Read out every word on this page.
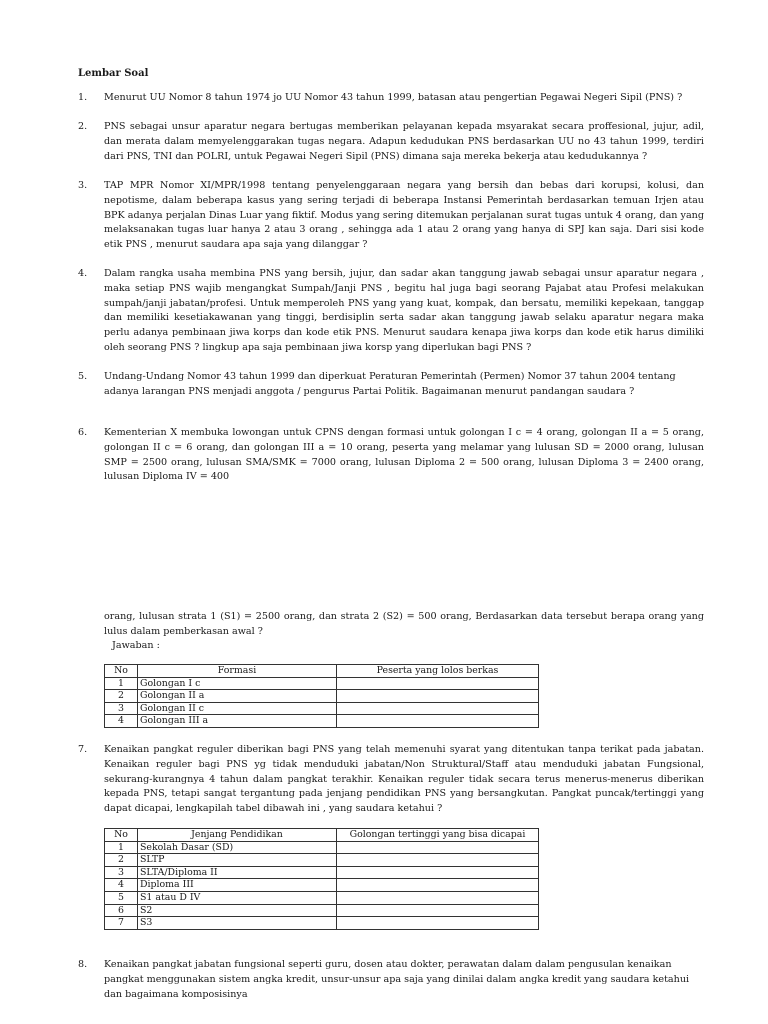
Lembar Soal
1.	Menurut UU Nomor 8 tahun 1974 jo UU Nomor 43 tahun 1999, batasan atau pengertian Pegawai Negeri Sipil (PNS) ?
2.	PNS sebagai unsur aparatur negara bertugas memberikan pelayanan kepada msyarakat secara proffesional, jujur, adil, dan merata dalam memyelenggarakan tugas negara. Adapun kedudukan PNS berdasarkan UU no 43 tahun 1999, terdiri dari PNS, TNI dan POLRI, untuk Pegawai Negeri Sipil (PNS) dimana saja mereka bekerja atau kedudukannya ?
3.	TAP MPR Nomor XI/MPR/1998 tentang penyelenggaraan negara yang bersih dan bebas dari korupsi, kolusi, dan nepotisme, dalam beberapa kasus yang sering terjadi di beberapa Instansi Pemerintah berdasarkan temuan Irjen atau BPK adanya perjalan Dinas Luar yang fiktif. Modus yang sering ditemukan perjalanan surat tugas untuk 4 orang, dan yang melaksanakan tugas luar hanya 2 atau 3 orang , sehingga ada 1 atau 2 orang yang hanya di SPJ kan saja. Dari sisi kode etik PNS , menurut saudara apa saja yang dilanggar ?
4.	Dalam rangka usaha membina PNS yang bersih, jujur, dan sadar akan tanggung jawab sebagai unsur aparatur negara , maka setiap PNS wajib mengangkat Sumpah/Janji PNS , begitu hal juga bagi seorang Pajabat atau Profesi melakukan sumpah/janji jabatan/profesi. Untuk memperoleh PNS yang yang kuat, kompak, dan bersatu, memiliki kepekaan, tanggap dan memiliki kesetiakawanan yang tinggi, berdisiplin serta sadar akan tanggung jawab selaku aparatur negara maka perlu adanya pembinaan jiwa korps dan kode etik PNS. Menurut saudara kenapa jiwa korps dan kode etik harus dimiliki oleh seorang PNS ? lingkup apa saja pembinaan jiwa korsp yang diperlukan bagi PNS ?
5.	Undang-Undang Nomor 43 tahun 1999 dan diperkuat Peraturan Pemerintah (Permen) Nomor 37 tahun 2004 tentang adanya larangan PNS menjadi anggota / pengurus Partai Politik. Bagaimanan menurut pandangan saudara ?
6.	Kementerian X membuka lowongan untuk CPNS dengan formasi untuk golongan I c = 4 orang, golongan II a = 5 orang, golongan II c = 6 orang, dan golongan III a = 10 orang, peserta yang melamar yang lulusan SD = 2000 orang, lulusan SMP = 2500 orang, lulusan SMA/SMK = 7000 orang, lulusan Diploma 2 = 500 orang, lulusan Diploma 3 = 2400 orang, lulusan Diploma IV = 400
orang, lulusan strata 1 (S1) = 2500 orang, dan strata 2 (S2) = 500 orang, Berdasarkan data tersebut berapa orang yang lulus dalam pemberkasan awal ?
Jawaban :
No	Formasi	Peserta yang lolos berkas
1	Golongan I c	
2	Golongan II a	
3	Golongan II c	
4	Golongan III a	
7.	Kenaikan pangkat reguler diberikan bagi PNS yang telah memenuhi syarat yang ditentukan tanpa terikat pada jabatan. Kenaikan reguler bagi PNS yg tidak menduduki jabatan/Non Struktural/Staff atau menduduki jabatan Fungsional, sekurang-kurangnya 4 tahun dalam pangkat terakhir. Kenaikan reguler tidak secara terus menerus-menerus diberikan kepada PNS, tetapi sangat tergantung pada jenjang pendidikan PNS yang bersangkutan. Pangkat puncak/tertinggi yang dapat dicapai, lengkapilah tabel dibawah ini , yang saudara ketahui ?
No	Jenjang Pendidikan	Golongan tertinggi yang bisa dicapai
1	Sekolah Dasar (SD)	
2	SLTP	
3	SLTA/Diploma II	
4	Diploma III	
5	S1 atau D IV	
6	S2	
7	S3	
8.	Kenaikan pangkat jabatan fungsional seperti guru, dosen atau dokter, perawatan dalam dalam pengusulan kenaikan pangkat menggunakan sistem angka kredit, unsur-unsur apa saja yang dinilai dalam angka kredit yang saudara ketahui dan bagaimana komposisinya
